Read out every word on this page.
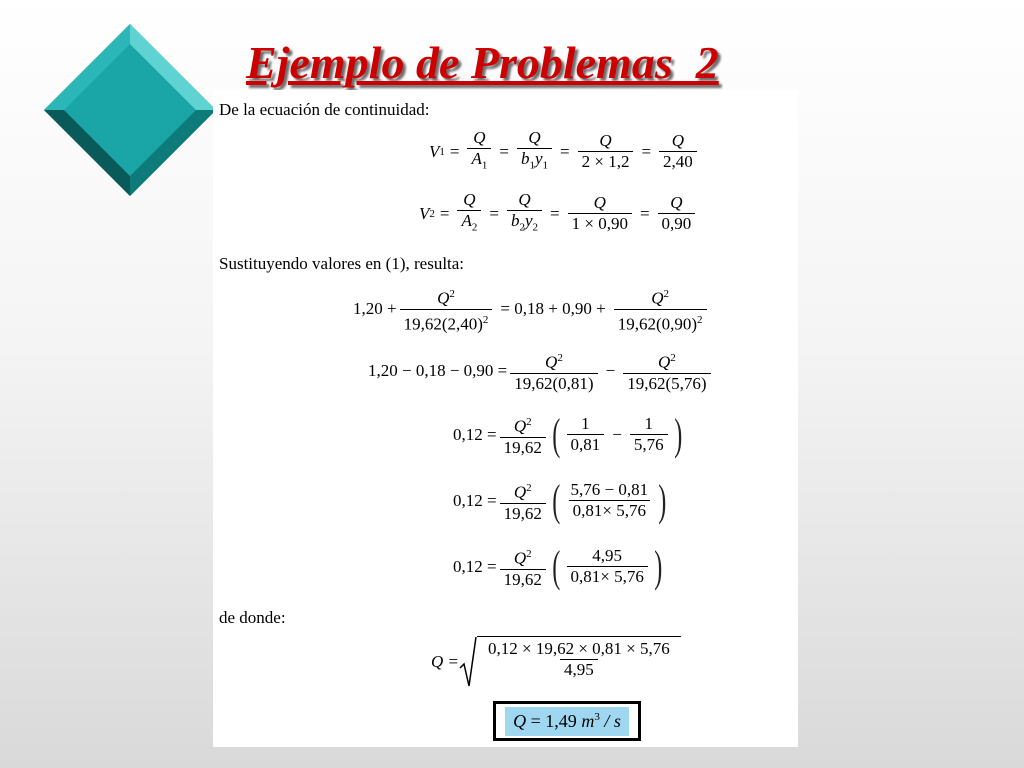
Ejemplo de Problemas  2
De la ecuación de continuidad:
V $1 = \frac{Q}{A_1} = \frac{Q}{b_1y_1} = \frac{Q}{2 \times 1,2} = \frac{Q}{2,40}$
V $2 = \frac{Q}{A_2} = \frac{Q}{b_2y_2} = \frac{Q}{1 \times 0,90} = \frac{Q}{0,90}$
Sustituyendo valores en (1), resulta:
$1,20 + \frac{Q^2}{19,62(2,40)^2} = 0,18 + 0,90 + \frac{Q^2}{19,62(0,90)^2}$
$1,20 - 0,18 - 0,90 = \frac{Q^2}{19,62(0,81)} - \frac{Q^2}{19,62(5,76)}$
$0,12 = \frac{Q^2}{19,62}$ ( 1
0,81
− $\frac{1}{5,76}$ )
$0,12 = \frac{Q^2}{19,62}$ ( 5,76 − 0,81
0,81× 5,76 )
$0,12 = \frac{Q^2}{19,62}$ ( 4,95
0,81× 5,76 )
de donde:
Q =
0,12 × 19,62 × 0,81 × 5,76
4,95
Q = 1,49 $m^3$ / s
